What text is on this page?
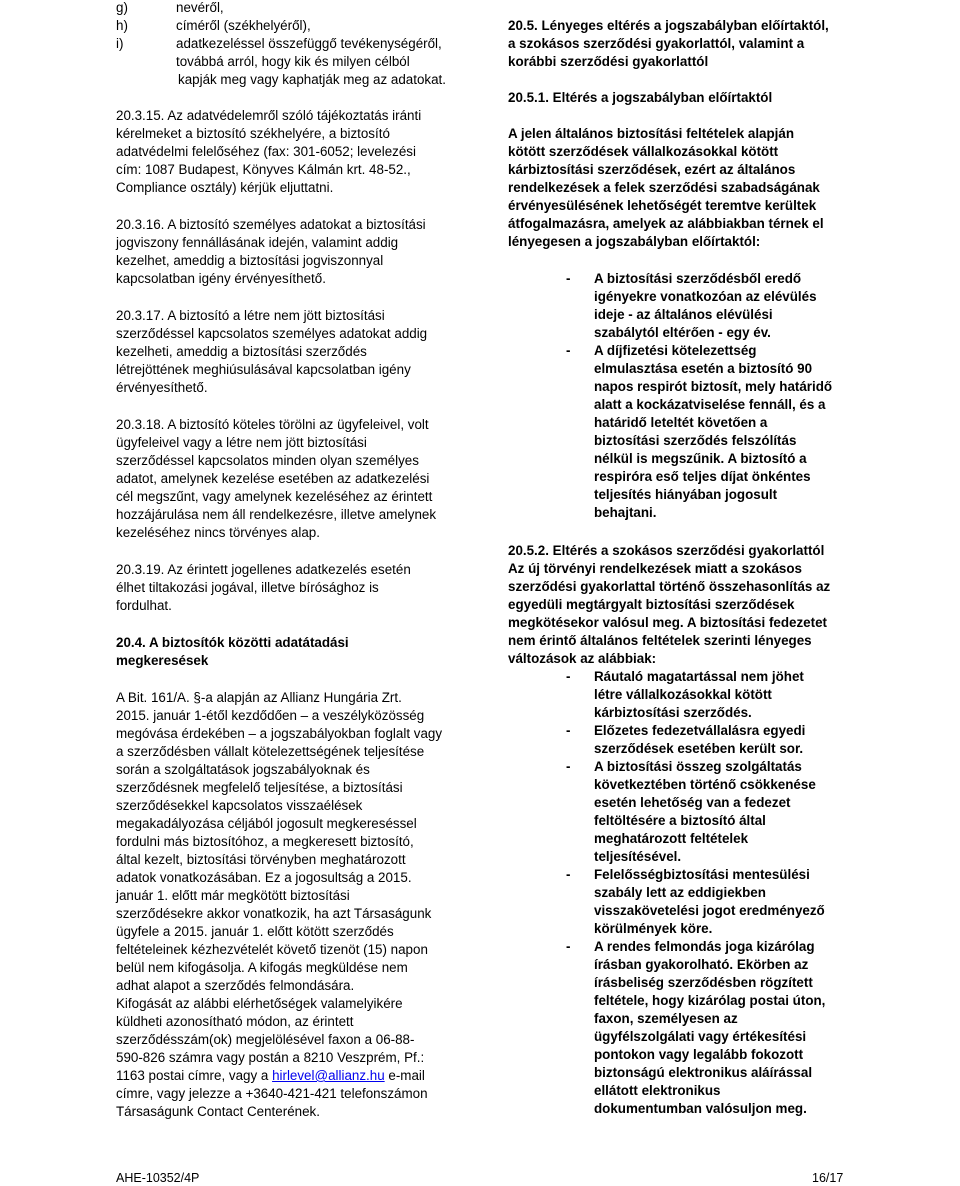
g)	nevéről,
h)	címéről (székhelyéről),
i)	adatkezeléssel összefüggő tevékenységéről,
továbbá arról, hogy kik és milyen célból
kapják meg vagy kaphatják meg az adatokat.
20.3.15. Az adatvédelemről szóló tájékoztatás iránti
kérelmeket a biztosító székhelyére, a biztosító
adatvédelmi felelőséhez (fax: 301-6052; levelezési
cím: 1087 Budapest, Könyves Kálmán krt. 48-52.,
Compliance osztály) kérjük eljuttatni.
20.3.16. A biztosító személyes adatokat a biztosítási
jogviszony fennállásának idején, valamint addig
kezelhet, ameddig a biztosítási jogviszonnyal
kapcsolatban igény érvényesíthető.
20.3.17. A biztosító a létre nem jött biztosítási
szerződéssel kapcsolatos személyes adatokat addig
kezelheti, ameddig a biztosítási szerződés
létrejöttének meghiúsulásával kapcsolatban igény
érvényesíthető.
20.3.18. A biztosító köteles törölni az ügyfeleivel, volt
ügyfeleivel vagy a létre nem jött biztosítási
szerződéssel kapcsolatos minden olyan személyes
adatot, amelynek kezelése esetében az adatkezelési
cél megszűnt, vagy amelynek kezeléséhez az érintett
hozzájárulása nem áll rendelkezésre, illetve amelynek
kezeléséhez nincs törvényes alap.
20.3.19. Az érintett jogellenes adatkezelés esetén
élhet tiltakozási jogával, illetve bírósághoz is
fordulhat.
20.4. A biztosítók közötti adatátadási
megkeresések
A Bit. 161/A. §-a alapján az Allianz Hungária Zrt.
2015. január 1-étől kezdődően – a veszélyközösség
megóvása érdekében – a jogszabályokban foglalt vagy
a szerződésben vállalt kötelezettségének teljesítése
során a szolgáltatások jogszabályoknak és
szerződésnek megfelelő teljesítése, a biztosítási
szerződésekkel kapcsolatos visszaélések
megakadályozása céljából jogosult megkereséssel
fordulni más biztosítóhoz, a megkeresett biztosító,
által kezelt, biztosítási törvényben meghatározott
adatok vonatkozásában. Ez a jogosultság a 2015.
január 1. előtt már megkötött biztosítási
szerződésekre akkor vonatkozik, ha azt Társaságunk
ügyfele a 2015. január 1. előtt kötött szerződés
feltételeinek kézhezvételét követő tizenöt (15) napon
belül nem kifogásolja. A kifogás megküldése nem
adhat alapot a szerződés felmondására.
Kifogását az alábbi elérhetőségek valamelyikére
küldheti azonosítható módon, az érintett
szerződésszám(ok) megjelölésével faxon a 06-88-
590-826 számra vagy postán a 8210 Veszprém, Pf.:
1163 postai címre, vagy a hirlevel@allianz.hu e-mail
címre, vagy jelezze a +3640-421-421 telefonszámon
Társaságunk Contact Centerének.
20.5. Lényeges eltérés a jogszabályban előírtaktól,
a szokásos szerződési gyakorlattól, valamint a
korábbi szerződési gyakorlattól
20.5.1. Eltérés a jogszabályban előírtaktól
A jelen általános biztosítási feltételek alapján
kötött szerződések vállalkozásokkal kötött
kárbiztosítási szerződések, ezért az általános
rendelkezések a felek szerződési szabadságának
érvényesülésének lehetőségét teremtve kerültek
átfogalmazásra, amelyek az alábbiakban térnek el
lényegesen a jogszabályban előírtaktól:
- A biztosítási szerződésből eredő
igényekre vonatkozóan az elévülés
ideje - az általános elévülési
szabálytól eltérően - egy év.
- A díjfizetési kötelezettség
elmulasztása esetén a biztosító 90
napos respirót biztosít, mely határidő
alatt a kockázatviselése fennáll, és a
határidő leteltét követően a
biztosítási szerződés felszólítás
nélkül is megszűnik. A biztosító a
respiróra eső teljes díjat önkéntes
teljesítés hiányában jogosult
behajtani.
20.5.2. Eltérés a szokásos szerződési gyakorlattól
Az új törvényi rendelkezések miatt a szokásos
szerződési gyakorlattal történő összehasonlítás az
egyedüli megtárgyalt biztosítási szerződések
megkötésekor valósul meg. A biztosítási fedezetet
nem érintő általános feltételek szerinti lényeges
változások az alábbiak:
- Ráutaló magatartással nem jöhet
létre vállalkozásokkal kötött
kárbiztosítási szerződés.
- Előzetes fedezetvállalásra egyedi
szerződések esetében került sor.
- A biztosítási összeg szolgáltatás
következtében történő csökkenése
esetén lehetőség van a fedezet
feltöltésére a biztosító által
meghatározott feltételek
teljesítésével.
- Felelősségbiztosítási mentesülési
szabály lett az eddigiekben
visszakövetelési jogot eredményező
körülmények köre.
- A rendes felmondás joga kizárólag
írásban gyakorolható. Ekörben az
írásbeliség szerződésben rögzített
feltétele, hogy kizárólag postai úton,
faxon, személyesen az
ügyfélszolgálati vagy értékesítési
pontokon vagy legalább fokozott
biztonságú elektronikus aláírással
ellátott elektronikus
dokumentumban valósuljon meg.
AHE-10352/4P	16/17
